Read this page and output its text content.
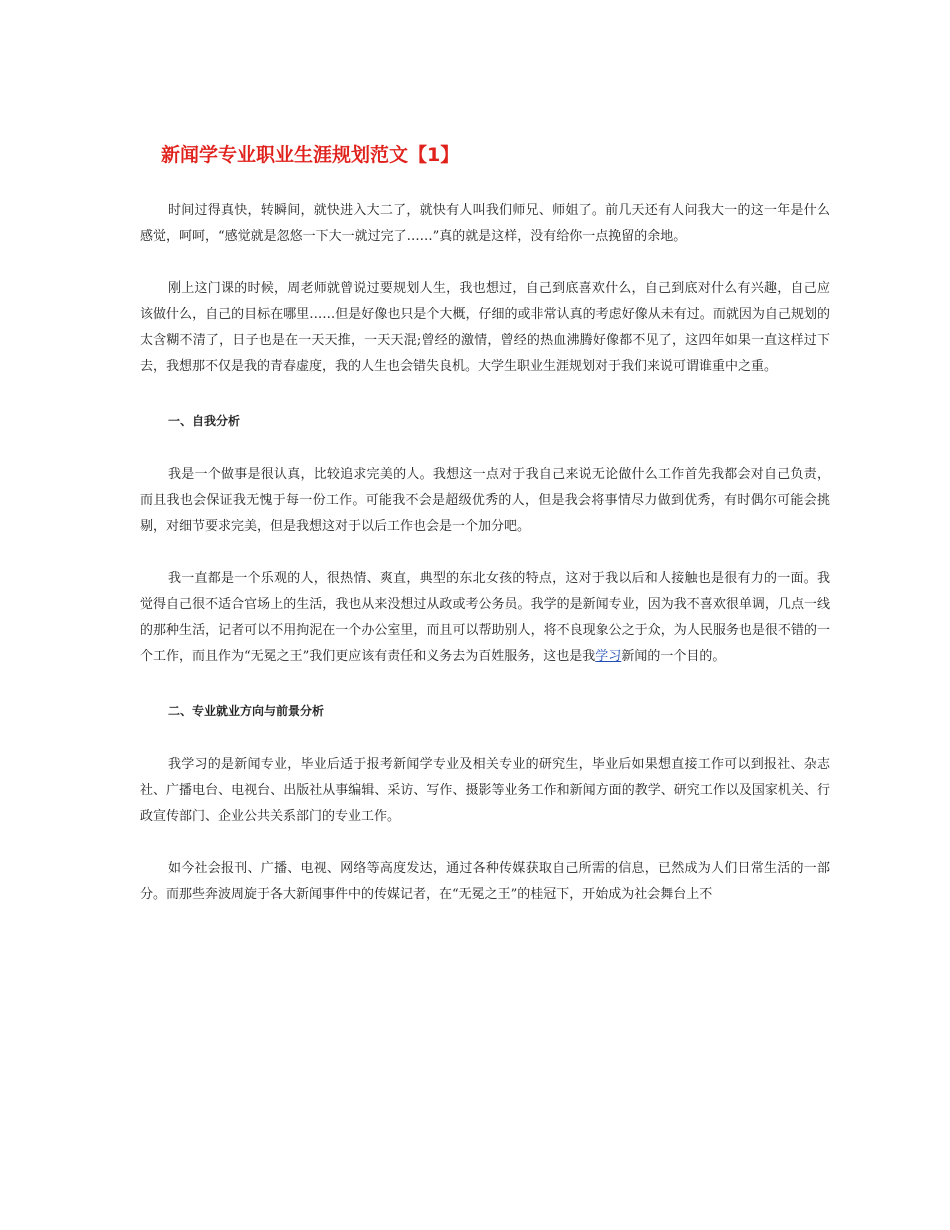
新闻学专业职业生涯规划范文【1】

时间过得真快，转瞬间，就快进入大二了，就快有人叫我们师兄、师姐了。前几天还有人问我大一的这一年是什么感觉，呵呵，“感觉就是忽悠一下大一就过完了……”真的就是这样，没有给你一点挽留的余地。

刚上这门课的时候，周老师就曾说过要规划人生，我也想过，自己到底喜欢什么，自己到底对什么有兴趣，自己应该做什么，自己的目标在哪里……但是好像也只是个大概，仔细的或非常认真的考虑好像从未有过。而就因为自己规划的太含糊不清了，日子也是在一天天推，一天天混;曾经的激情，曾经的热血沸腾好像都不见了，这四年如果一直这样过下去，我想那不仅是我的青春虚度，我的人生也会错失良机。大学生职业生涯规划对于我们来说可谓谁重中之重。

一、自我分析

我是一个做事是很认真，比较追求完美的人。我想这一点对于我自己来说无论做什么工作首先我都会对自己负责，而且我也会保证我无愧于每一份工作。可能我不会是超级优秀的人，但是我会将事情尽力做到优秀，有时偶尔可能会挑剔，对细节要求完美，但是我想这对于以后工作也会是一个加分吧。

我一直都是一个乐观的人，很热情、爽直，典型的东北女孩的特点，这对于我以后和人接触也是很有力的一面。我觉得自己很不适合官场上的生活，我也从来没想过从政或考公务员。我学的是新闻专业，因为我不喜欢很单调，几点一线的那种生活，记者可以不用拘泥在一个办公室里，而且可以帮助别人，将不良现象公之于众，为人民服务也是很不错的一个工作，而且作为“无冕之王”我们更应该有责任和义务去为百姓服务，这也是我学习新闻的一个目的。

二、专业就业方向与前景分析

我学习的是新闻专业，毕业后适于报考新闻学专业及相关专业的研究生，毕业后如果想直接工作可以到报社、杂志社、广播电台、电视台、出版社从事编辑、采访、写作、摄影等业务工作和新闻方面的教学、研究工作以及国家机关、行政宣传部门、企业公共关系部门的专业工作。

如今社会报刊、广播、电视、网络等高度发达，通过各种传媒获取自己所需的信息，已然成为人们日常生活的一部分。而那些奔波周旋于各大新闻事件中的传媒记者，在“无冕之王”的桂冠下，开始成为社会舞台上不
